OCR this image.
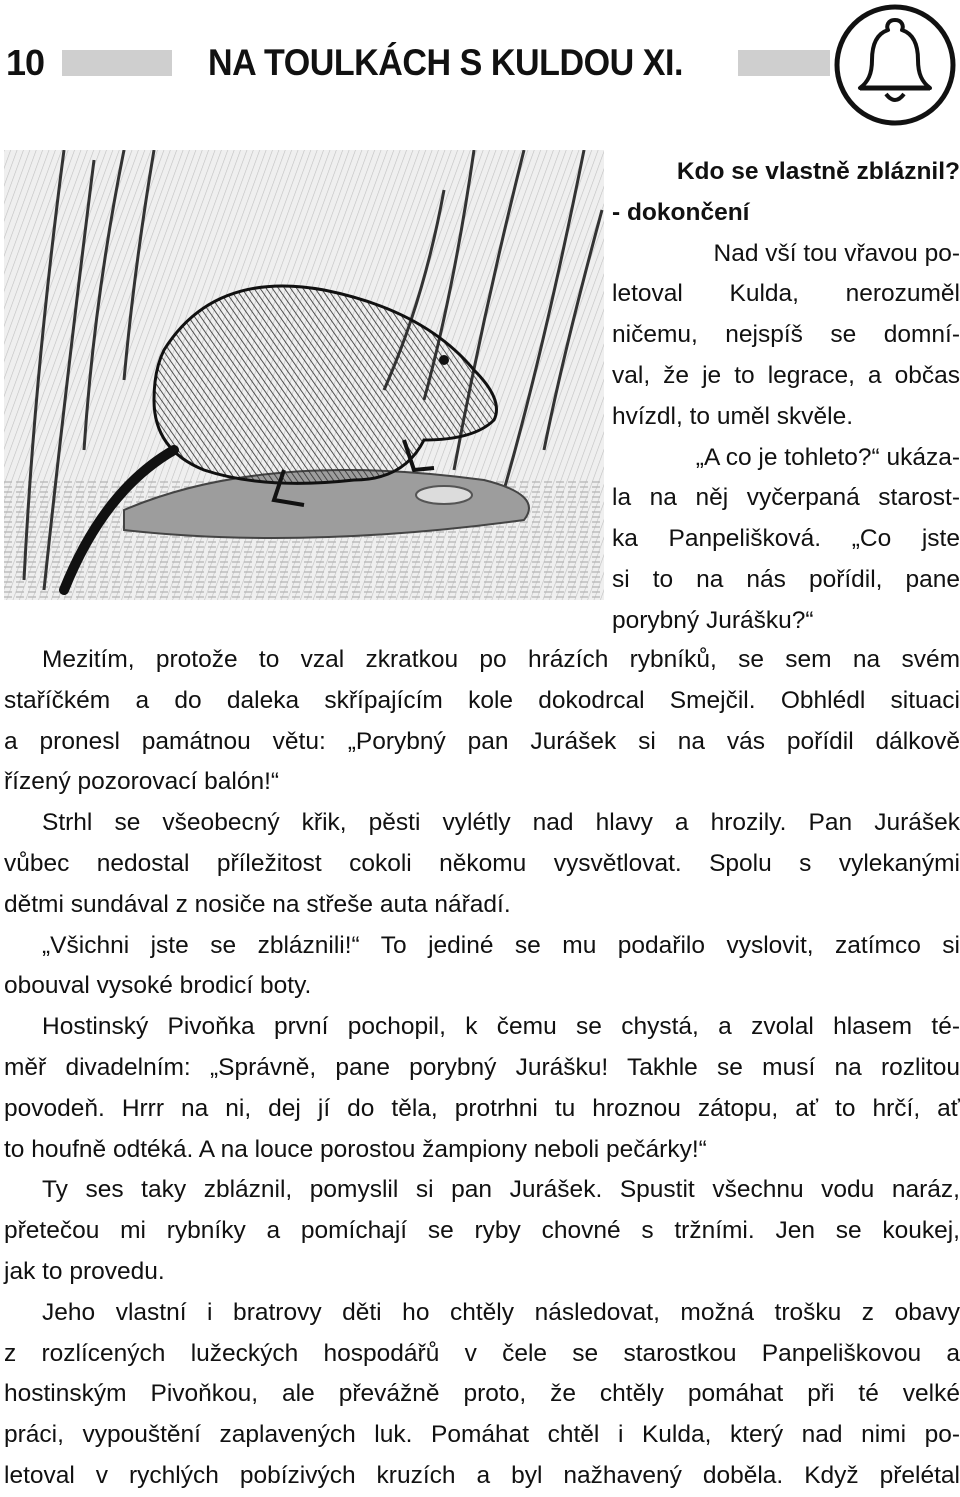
10	NA TOULKÁCH S KULDOU XI.

Kdo se vlastně zbláznil?

- dokončení

Nad vší tou vřavou po-

letoval Kulda, nerozuměl

ničemu, nejspíš se domní-

val, že je to legrace, a občas

hvízdl, to uměl skvěle.

„A co je tohleto?“ ukáza-

la na něj vyčerpaná starost-

ka Panpelišková. „Co jste

si to na nás pořídil, pane

porybný Jurášku?“

Mezitím, protože to vzal zkratkou po hrázích rybníků, se sem na svém
staříčkém a do daleka skřípajícím kole dokodrcal Smejčil. Obhlédl situaci
a pronesl památnou větu: „Porybný pan Jurášek si na vás pořídil dálkově
řízený pozorovací balón!“
Strhl se všeobecný křik, pěsti vylétly nad hlavy a hrozily. Pan Jurášek
vůbec nedostal příležitost cokoli někomu vysvětlovat. Spolu s vylekanými
dětmi sundával z nosiče na střeše auta nářadí.
„Všichni jste se zbláznili!“ To jediné se mu podařilo vyslovit, zatímco si
obouval vysoké brodicí boty.
Hostinský Pivoňka první pochopil, k čemu se chystá, a zvolal hlasem té-
měř divadelním: „Správně, pane porybný Jurášku! Takhle se musí na rozlitou
povodeň. Hrrr na ni, dej jí do těla, protrhni tu hroznou zátopu, ať to hrčí, ať
to houfně odtéká. A na louce porostou žampiony neboli pečárky!“
Ty ses taky zbláznil, pomyslil si pan Jurášek. Spustit všechnu vodu naráz,
přetečou mi rybníky a pomíchají se ryby chovné s tržními. Jen se koukej,
jak to provedu.
Jeho vlastní i bratrovy děti ho chtěly následovat, možná trošku z obavy
z rozlícených lužeckých hospodářů v čele se starostkou Panpeliškovou a
hostinským Pivoňkou, ale převážně proto, že chtěly pomáhat při té velké
práci, vypouštění zaplavených luk. Pomáhat chtěl i Kulda, který nad nimi po-
letoval v rychlých pobízivých kruzích a byl nažhavený doběla. Když přelétal
